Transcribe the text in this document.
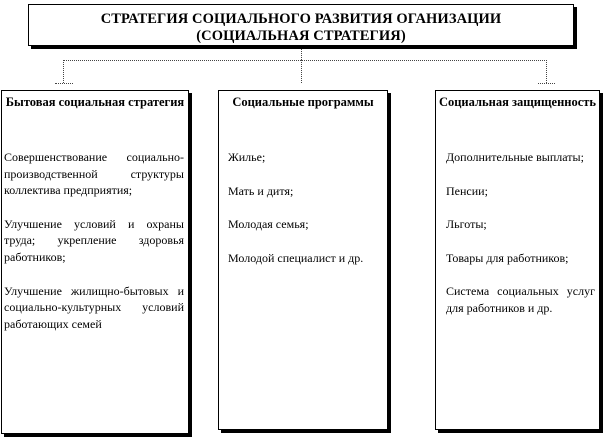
СТРАТЕГИЯ СОЦИАЛЬНОГО РАЗВИТИЯ ОГАНИЗАЦИИ
(СОЦИАЛЬНАЯ СТРАТЕГИЯ)
Бытовая социальная стратегия
Совершенствование социально-производственной структуры коллектива предприятия;
Улучшение условий и охраны труда; укрепление здоровья работников;
Улучшение жилищно-бытовых и социально-культурных условий работающих семей
Социальные программы
Жилье;
Мать и дитя;
Молодая семья;
Молодой специалист и др.
Социальная защищенность
Дополнительные выплаты;
Пенсии;
Льготы;
Товары для работников;
Система социальных услуг для работников и др.
